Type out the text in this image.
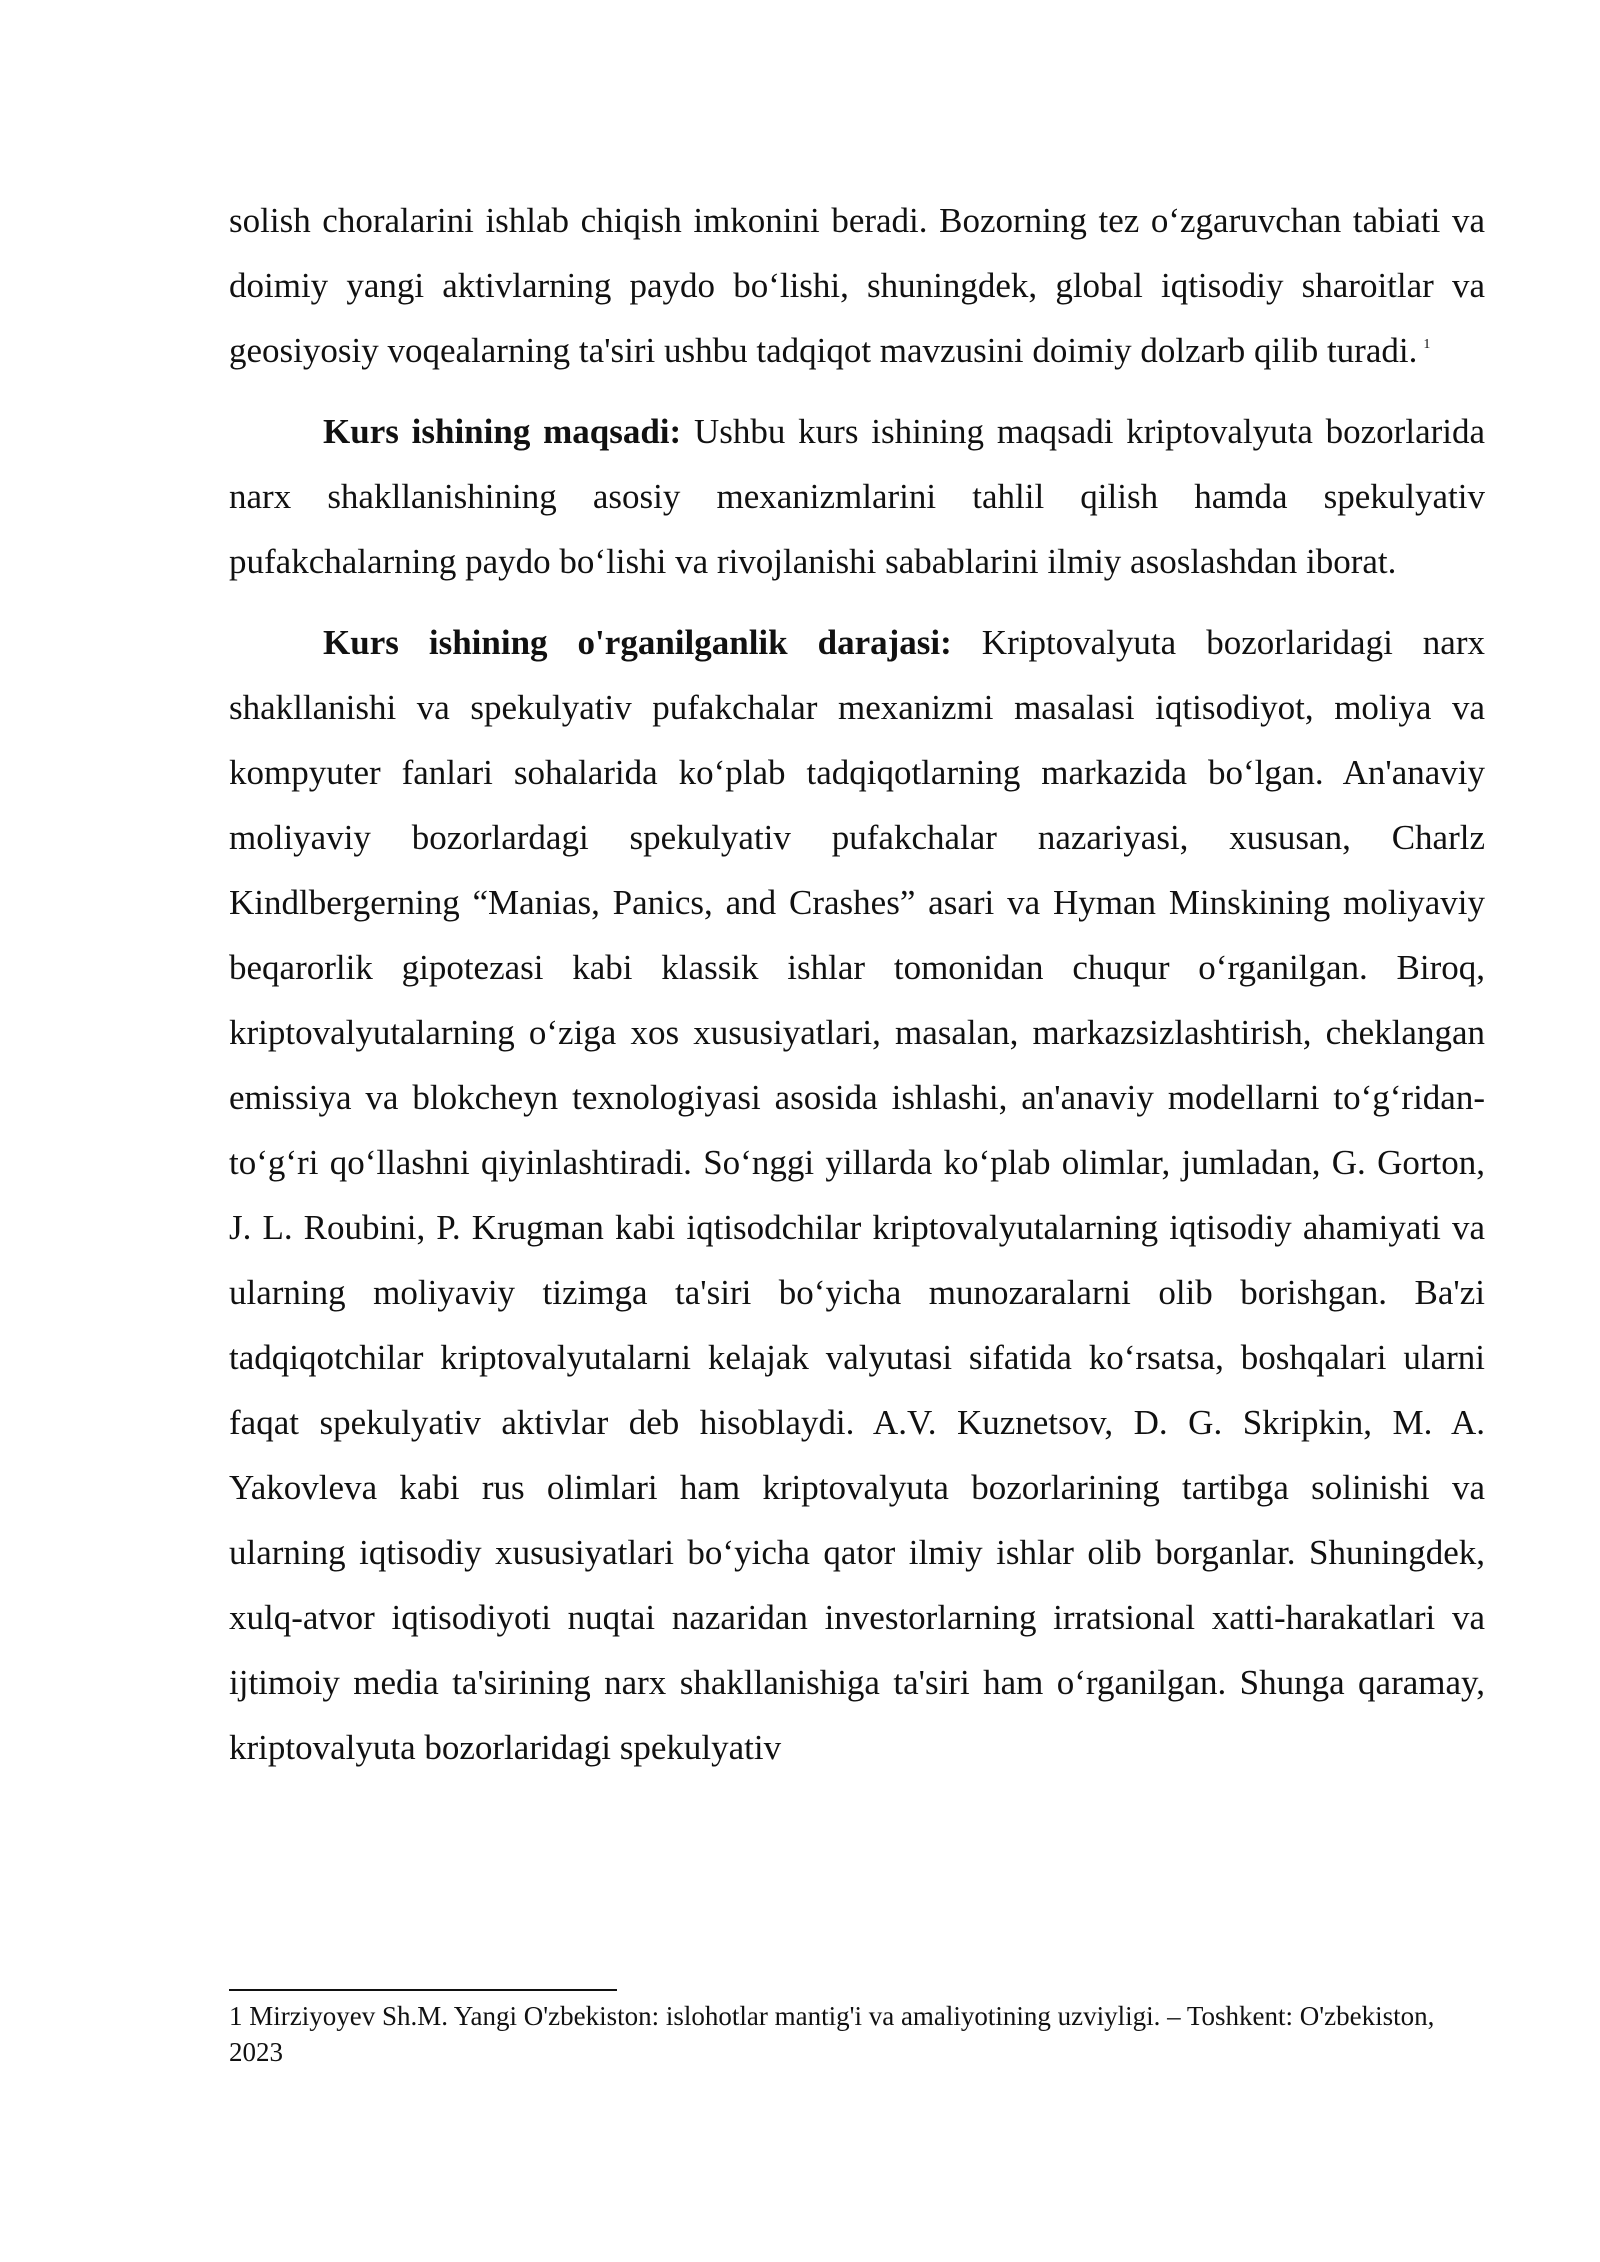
solish choralarini ishlab chiqish imkonini beradi. Bozorning tez o‘zgaruvchan tabiati va doimiy yangi aktivlarning paydo bo‘lishi, shuningdek, global iqtisodiy sharoitlar va geosiyosiy voqealarning ta'siri ushbu tadqiqot mavzusini doimiy dolzarb qilib turadi. $^1$

Kurs ishining maqsadi: Ushbu kurs ishining maqsadi kriptovalyuta bozorlarida narx shakllanishining asosiy mexanizmlarini tahlil qilish hamda spekulyativ pufakchalarning paydo bo‘lishi va rivojlanishi sabablarini ilmiy asoslashdan iborat.

Kurs ishining o'rganilganlik darajasi: Kriptovalyuta bozorlaridagi narx shakllanishi va spekulyativ pufakchalar mexanizmi masalasi iqtisodiyot, moliya va kompyuter fanlari sohalarida ko‘plab tadqiqotlarning markazida bo‘lgan. An'anaviy moliyaviy bozorlardagi spekulyativ pufakchalar nazariyasi, xususan, Charlz Kindlbergerning “Manias, Panics, and Crashes” asari va Hyman Minskining moliyaviy beqarorlik gipotezasi kabi klassik ishlar tomonidan chuqur o‘rganilgan. Biroq, kriptovalyutalarning o‘ziga xos xususiyatlari, masalan, markazsizlashtirish, cheklangan emissiya va blokcheyn texnologiyasi asosida ishlashi, an'anaviy modellarni to‘g‘ridan-to‘g‘ri qo‘llashni qiyinlashtiradi. So‘nggi yillarda ko‘plab olimlar, jumladan, G. Gorton, J. L. Roubini, P. Krugman kabi iqtisodchilar kriptovalyutalarning iqtisodiy ahamiyati va ularning moliyaviy tizimga ta'siri bo‘yicha munozaralarni olib borishgan. Ba'zi tadqiqotchilar kriptovalyutalarni kelajak valyutasi sifatida ko‘rsatsa, boshqalari ularni faqat spekulyativ aktivlar deb hisoblaydi. A.V. Kuznetsov, D. G. Skripkin, M. A. Yakovleva kabi rus olimlari ham kriptovalyuta bozorlarining tartibga solinishi va ularning iqtisodiy xususiyatlari bo‘yicha qator ilmiy ishlar olib borganlar. Shuningdek, xulq-atvor iqtisodiyoti nuqtai nazaridan investorlarning irratsional xatti-harakatlari va ijtimoiy media ta'sirining narx shakllanishiga ta'siri ham o‘rganilgan. Shunga qaramay, kriptovalyuta bozorlaridagi spekulyativ

1 Mirziyoyev Sh.M. Yangi O'zbekiston: islohotlar mantig'i va amaliyotining uzviyligi. – Toshkent: O'zbekiston, 2023
